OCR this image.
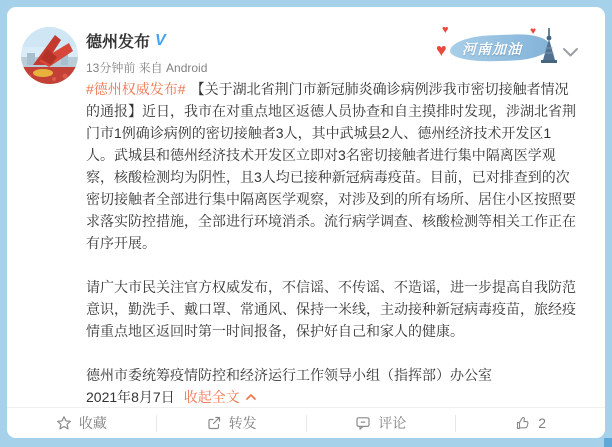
德州发布 V
13分钟前 来自 Android
♥
♥ 河南加油
♥

#德州权威发布# 【关于湖北省荆门市新冠肺炎确诊病例涉我市密切接触者情况的通报】近日，我市在对重点地区返德人员协查和自主摸排时发现，涉湖北省荆门市1例确诊病例的密切接触者3人，其中武城县2人、德州经济技术开发区1人。武城县和德州经济技术开发区立即对3名密切接触者进行集中隔离医学观察，核酸检测均为阴性，且3人均已接种新冠病毒疫苗。目前，已对排查到的次密切接触者全部进行集中隔离医学观察，对涉及到的所有场所、居住小区按照要求落实防控措施，全部进行环境消杀。流行病学调查、核酸检测等相关工作正在有序开展。

请广大市民关注官方权威发布，不信谣、不传谣、不造谣，进一步提高自我防范意识，勤洗手、戴口罩、常通风、保持一米线，主动接种新冠病毒疫苗，旅经疫情重点地区返回时第一时间报备，保护好自己和家人的健康。

德州市委统筹疫情防控和经济运行工作领导小组（指挥部）办公室

2021年8月7日 收起全文

收藏	转发	评论	2
